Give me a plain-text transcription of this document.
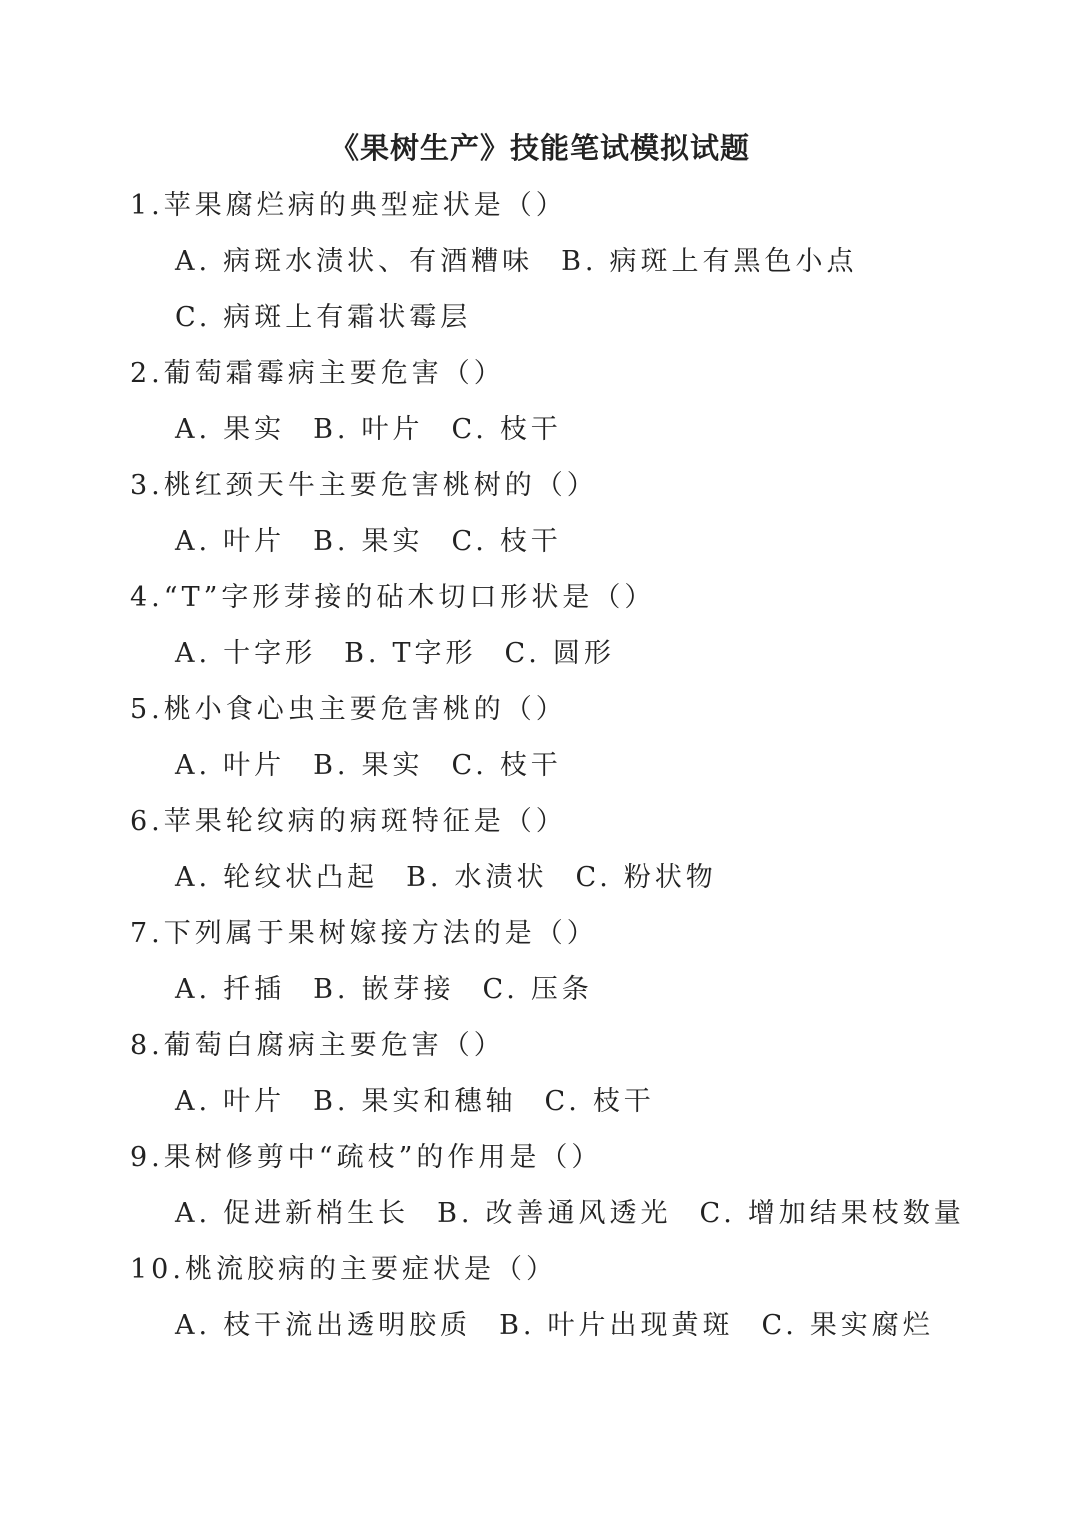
《果树生产》技能笔试模拟试题
1.苹果腐烂病的典型症状是（）
A. 病斑水渍状、有酒糟味 B. 病斑上有黑色小点
C. 病斑上有霜状霉层
2.葡萄霜霉病主要危害（）
A. 果实 B. 叶片 C. 枝干
3.桃红颈天牛主要危害桃树的（）
A. 叶片 B. 果实 C. 枝干
4.“T”字形芽接的砧木切口形状是（）
A. 十字形 B. T字形 C. 圆形
5.桃小食心虫主要危害桃的（）
A. 叶片 B. 果实 C. 枝干
6.苹果轮纹病的病斑特征是（）
A. 轮纹状凸起 B. 水渍状 C. 粉状物
7.下列属于果树嫁接方法的是（）
A. 扦插 B. 嵌芽接 C. 压条
8.葡萄白腐病主要危害（）
A. 叶片 B. 果实和穗轴 C. 枝干
9.果树修剪中“疏枝”的作用是（）
A. 促进新梢生长 B. 改善通风透光 C. 增加结果枝数量
10.桃流胶病的主要症状是（）
A. 枝干流出透明胶质 B. 叶片出现黄斑 C. 果实腐烂
